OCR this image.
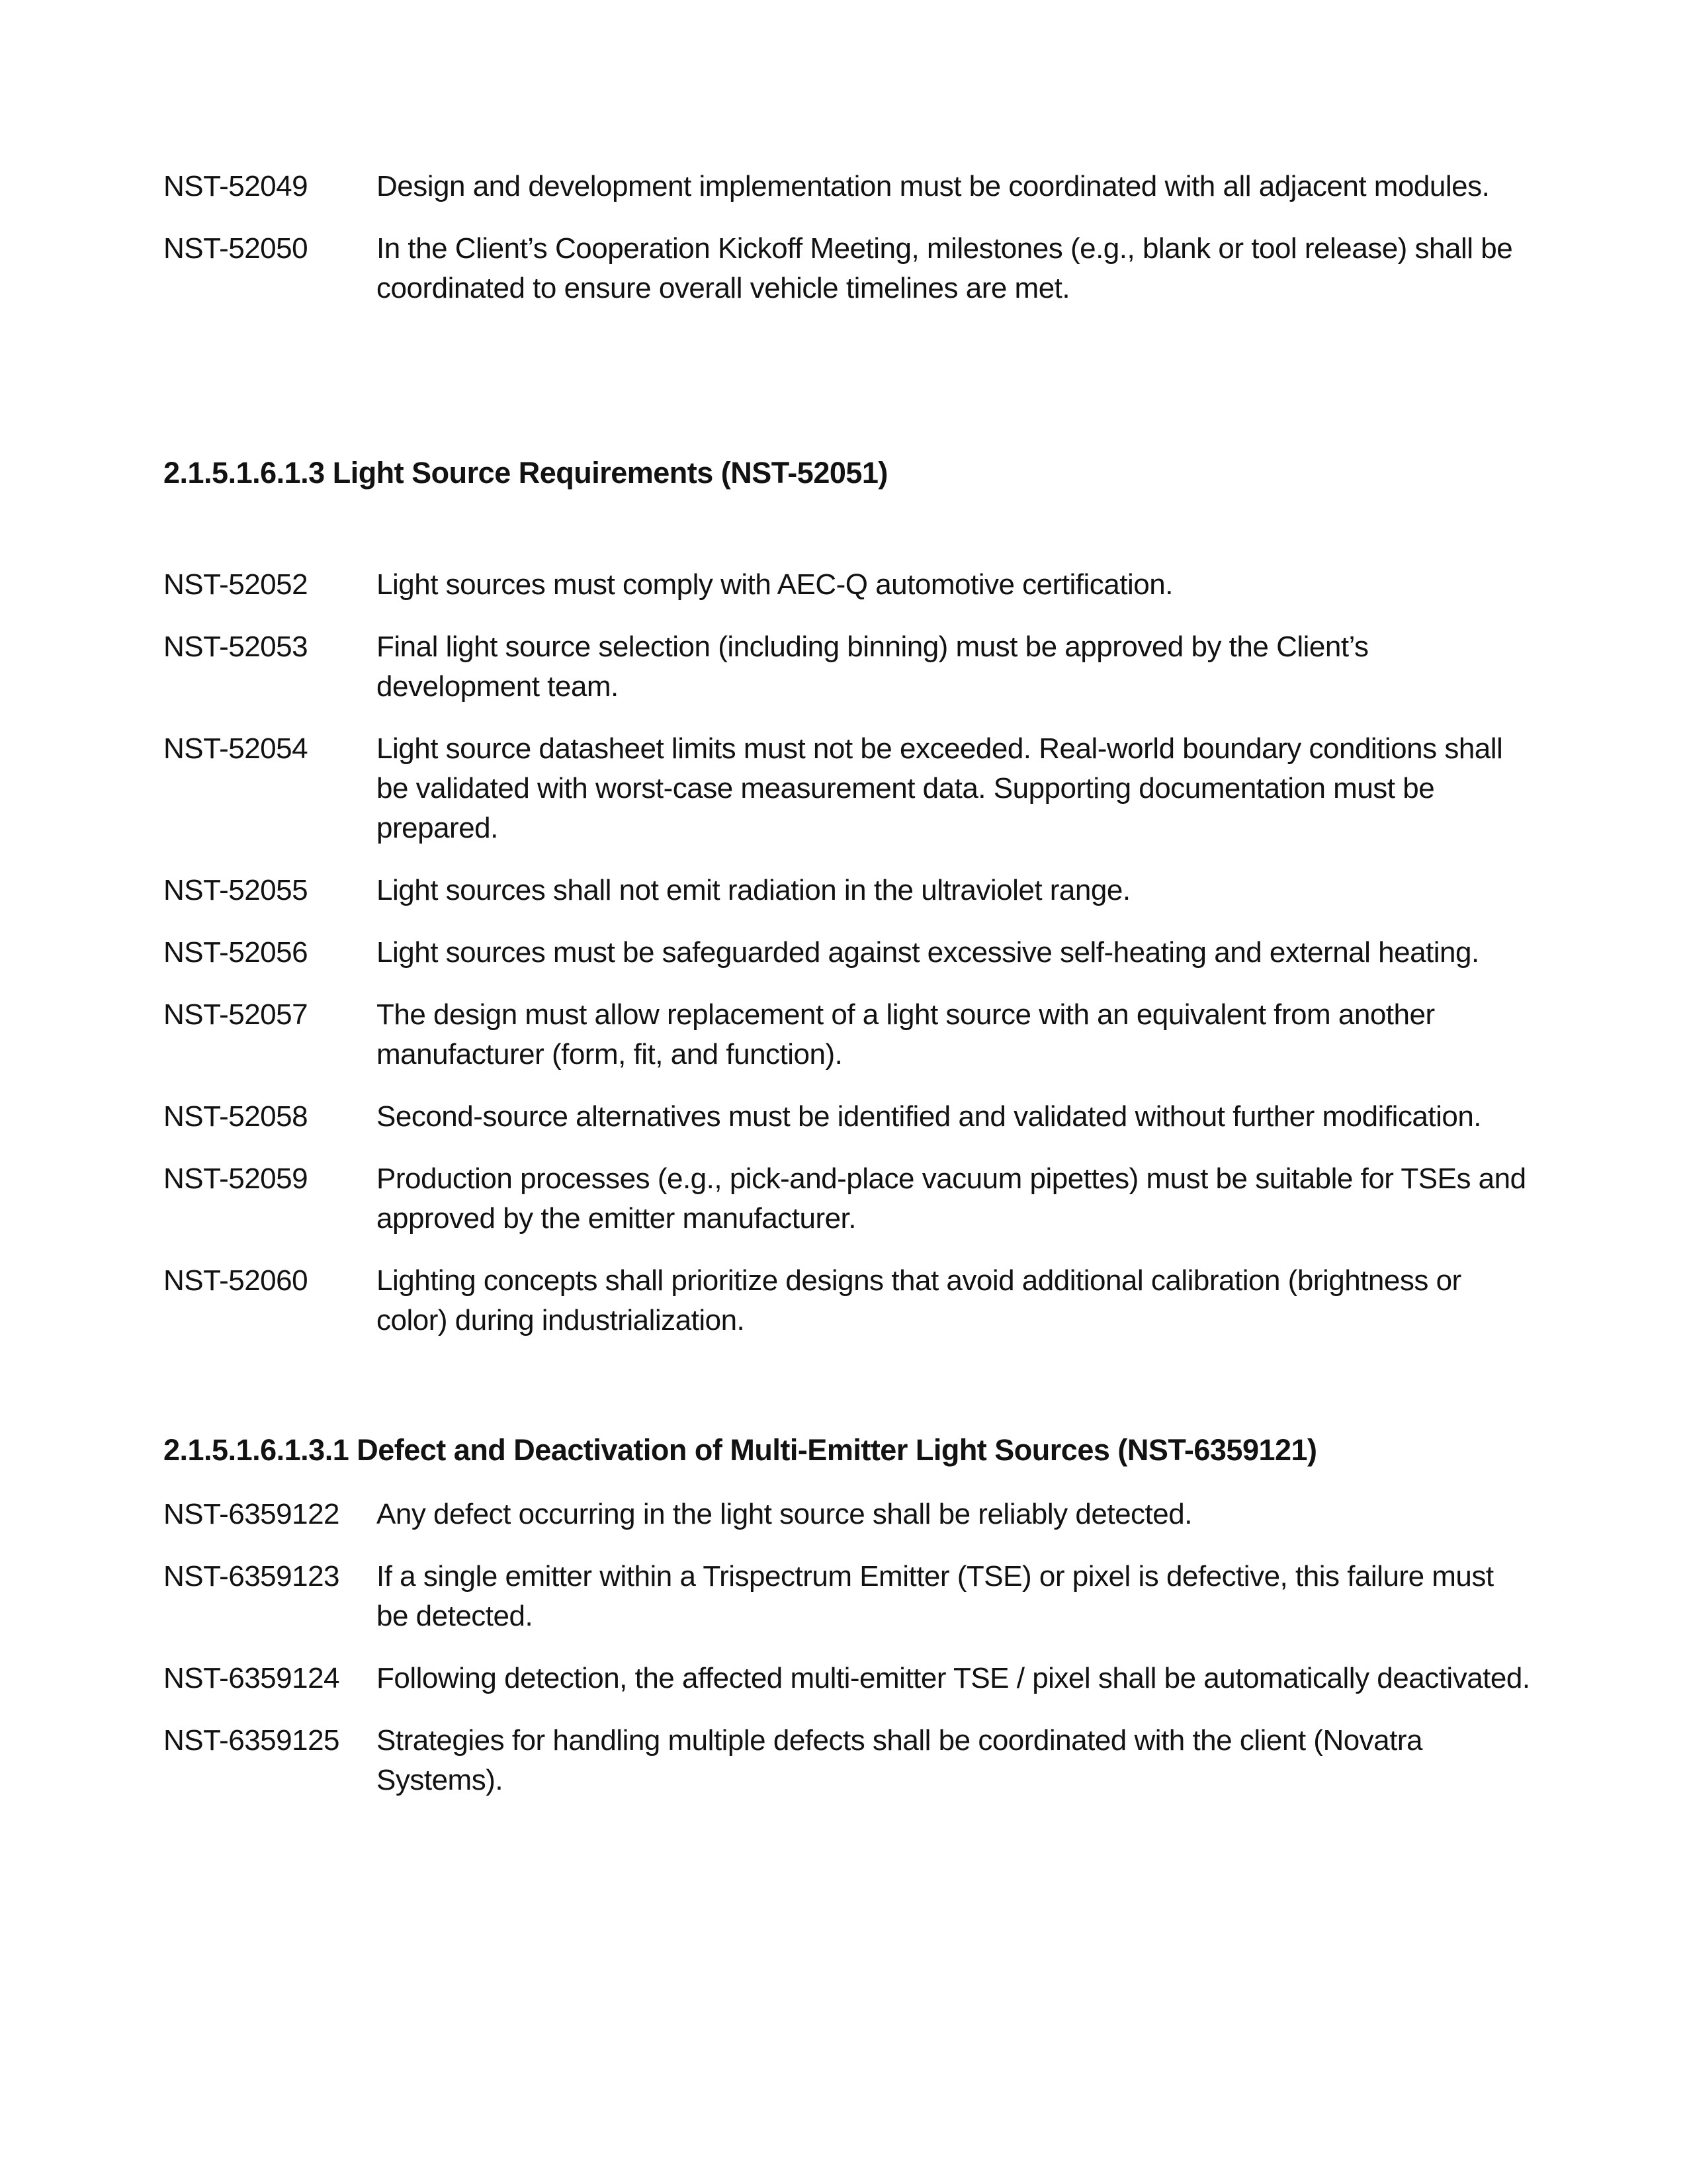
NST-52049	Design and development implementation must be coordinated with all adjacent modules.
NST-52050	In the Client’s Cooperation Kickoff Meeting, milestones (e.g., blank or tool release) shall be coordinated to ensure overall vehicle timelines are met.
2.1.5.1.6.1.3 Light Source Requirements (NST-52051)
NST-52052	Light sources must comply with AEC-Q automotive certification.
NST-52053	Final light source selection (including binning) must be approved by the Client’s development team.
NST-52054	Light source datasheet limits must not be exceeded. Real-world boundary conditions shall be validated with worst-case measurement data. Supporting documentation must be prepared.
NST-52055	Light sources shall not emit radiation in the ultraviolet range.
NST-52056	Light sources must be safeguarded against excessive self-heating and external heating.
NST-52057	The design must allow replacement of a light source with an equivalent from another manufacturer (form, fit, and function).
NST-52058	Second-source alternatives must be identified and validated without further modification.
NST-52059	Production processes (e.g., pick-and-place vacuum pipettes) must be suitable for TSEs and approved by the emitter manufacturer.
NST-52060	Lighting concepts shall prioritize designs that avoid additional calibration (brightness or color) during industrialization.
2.1.5.1.6.1.3.1 Defect and Deactivation of Multi-Emitter Light Sources (NST-6359121)
NST-6359122	Any defect occurring in the light source shall be reliably detected.
NST-6359123	If a single emitter within a Trispectrum Emitter (TSE) or pixel is defective, this failure must be detected.
NST-6359124	Following detection, the affected multi-emitter TSE / pixel shall be automatically deactivated.
NST-6359125	Strategies for handling multiple defects shall be coordinated with the client (Novatra Systems).
